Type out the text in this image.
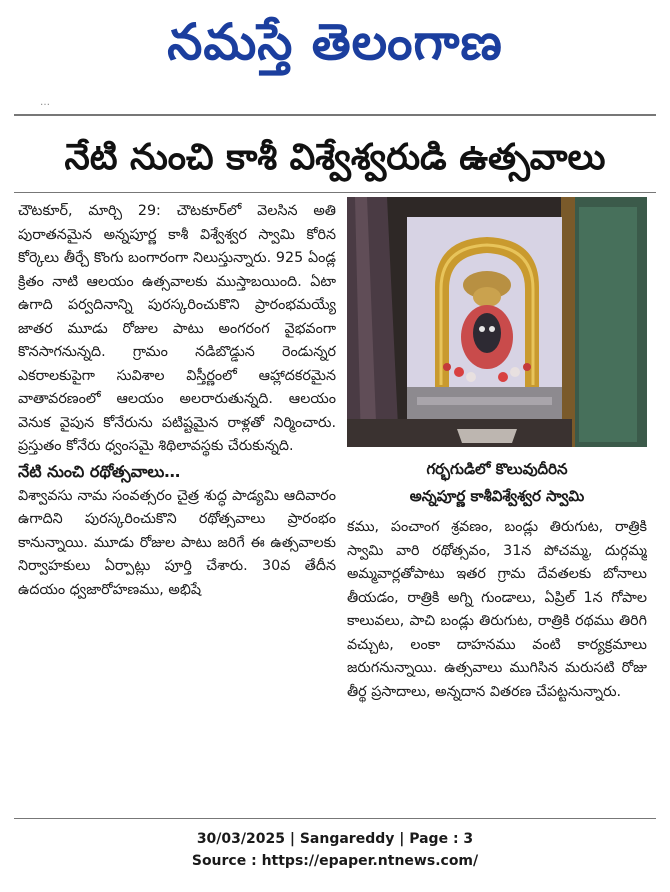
నమస్తే తెలంగాణ
…
నేటి నుంచి కాశీ విశ్వేశ్వరుడి ఉత్సవాలు

చౌటకూర్, మార్చి 29: చౌటకూర్‌లో వెలసిన అతి పురాతనమైన అన్నపూర్ణ కాశీ విశ్వేశ్వర స్వామి కోరిన కోర్కెలు తీర్చే కొంగు బంగారంగా నిలుస్తున్నారు. 925 ఏండ్ల క్రితం నాటి ఆలయం ఉత్సవాలకు ముస్తాబయింది. ఏటా ఉగాది పర్వదినాన్ని పురస్కరించుకొని ప్రారంభమయ్యే జాతర మూడు రోజుల పాటు అంగరంగ వైభవంగా కొనసాగనున్నది. గ్రామం నడిబొడ్డున రెండున్నర ఎకరాలకుపైగా సువిశాల విస్తీర్ణంలో ఆహ్లాదకరమైన వాతావరణంలో ఆలయం అలరారుతున్నది. ఆలయం వెనుక వైపున కోనేరును పటిష్టమైన రాళ్లతో నిర్మించారు. ప్రస్తుతం కోనేరు ధ్వంసమై శిథిలావస్థకు చేరుకున్నది.

నేటి నుంచి రథోత్సవాలు…

విశ్వావసు నామ సంవత్సరం చైత్ర శుద్ధ పాడ్యమి ఆదివారం ఉగాదిని పురస్కరించుకొని రథోత్సవాలు ప్రారంభం కానున్నాయి. మూడు రోజుల పాటు జరిగే ఈ ఉత్సవాలకు నిర్వాహకులు ఏర్పాట్లు పూర్తి చేశారు. 30వ తేదీన ఉదయం ధ్వజారోహణము, అభిషే

గర్భగుడిలో కొలువుదీరిన
అన్నపూర్ణ కాశీవిశ్వేశ్వర స్వామి

కము, పంచాంగ శ్రవణం, బండ్లు తిరుగుట, రాత్రికి స్వామి వారి రథోత్సవం, 31న పోచమ్మ, దుర్గమ్మ అమ్మవార్లతోపాటు ఇతర గ్రామ దేవతలకు బోనాలు తీయడం, రాత్రికి అగ్ని గుండాలు, ఏప్రిల్ 1న గోపాల కాలువలు, పాచి బండ్లు తిరుగుట, రాత్రికి రథము తిరిగి వచ్చుట, లంకా దాహనము వంటి కార్యక్రమాలు జరుగనున్నాయి. ఉత్సవాలు ముగిసిన మరుసటి రోజు తీర్థ ప్రసాదాలు, అన్నదాన వితరణ చేపట్టనున్నారు.

30/03/2025 | Sangareddy | Page : 3
Source : https://epaper.ntnews.com/
